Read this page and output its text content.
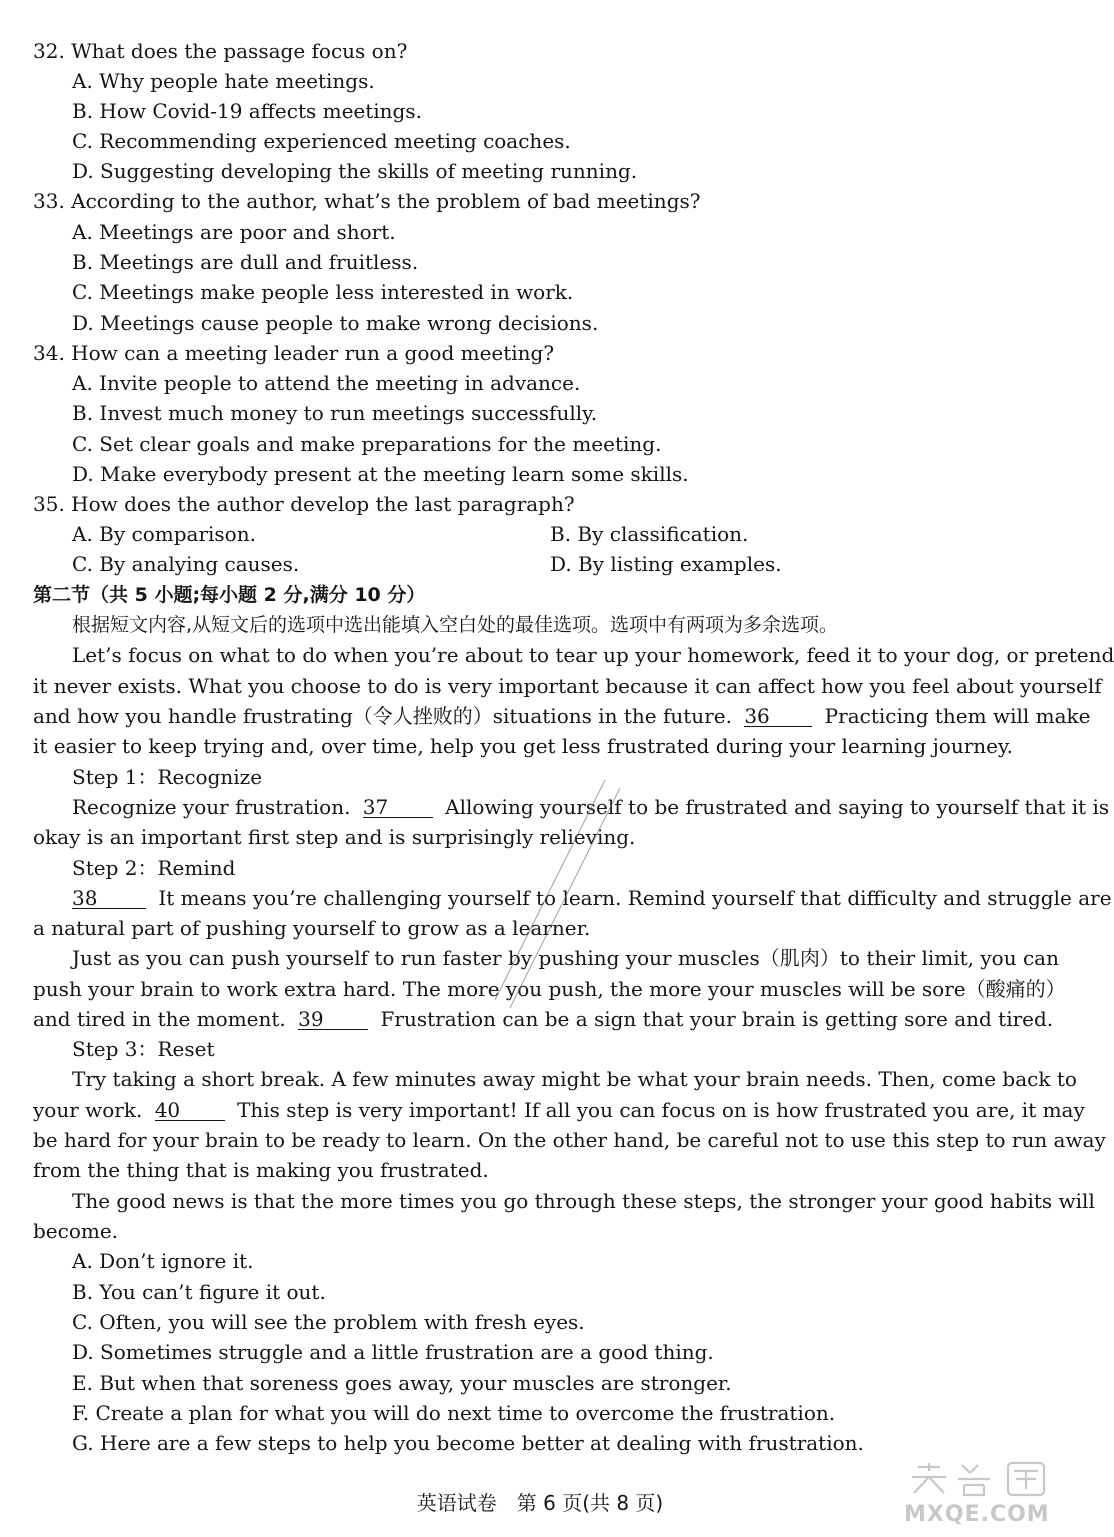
32. What does the passage focus on?
A. Why people hate meetings.
B. How Covid-19 affects meetings.
C. Recommending experienced meeting coaches.
D. Suggesting developing the skills of meeting running.
33. According to the author, what’s the problem of bad meetings?
A. Meetings are poor and short.
B. Meetings are dull and fruitless.
C. Meetings make people less interested in work.
D. Meetings cause people to make wrong decisions.
34. How can a meeting leader run a good meeting?
A. Invite people to attend the meeting in advance.
B. Invest much money to run meetings successfully.
C. Set clear goals and make preparations for the meeting.
D. Make everybody present at the meeting learn some skills.
35. How does the author develop the last paragraph?
A. By comparison.	B. By classification.
C. By analying causes.	D. By listing examples.
第二节（共 5 小题;每小题 2 分,满分 10 分）
根据短文内容,从短文后的选项中选出能填入空白处的最佳选项。选项中有两项为多余选项。
Let’s focus on what to do when you’re about to tear up your homework, feed it to your dog, or pretend
it never exists. What you choose to do is very important because it can affect how you feel about yourself
and how you handle frustrating（令人挫败的）situations in the future. 36	Practicing them will make
it easier to keep trying and, over time, help you get less frustrated during your learning journey.
Step 1：Recognize
Recognize your frustration. 37	Allowing yourself to be frustrated and saying to yourself that it is
okay is an important first step and is surprisingly relieving.
Step 2：Remind
38	It means you’re challenging yourself to learn. Remind yourself that difficulty and struggle are
a natural part of pushing yourself to grow as a learner.
Just as you can push yourself to run faster by pushing your muscles（肌肉）to their limit, you can
push your brain to work extra hard. The more you push, the more your muscles will be sore（酸痛的）
and tired in the moment. 39	Frustration can be a sign that your brain is getting sore and tired.
Step 3：Reset
Try taking a short break. A few minutes away might be what your brain needs. Then, come back to
your work. 40	This step is very important! If all you can focus on is how frustrated you are, it may
be hard for your brain to be ready to learn. On the other hand, be careful not to use this step to run away
from the thing that is making you frustrated.
The good news is that the more times you go through these steps, the stronger your good habits will
become.
A. Don’t ignore it.
B. You can’t figure it out.
C. Often, you will see the problem with fresh eyes.
D. Sometimes struggle and a little frustration are a good thing.
E. But when that soreness goes away, your muscles are stronger.
F. Create a plan for what you will do next time to overcome the frustration.
G. Here are a few steps to help you become better at dealing with frustration.
英语试卷　第 6 页(共 8 页)	MXQE.COM
